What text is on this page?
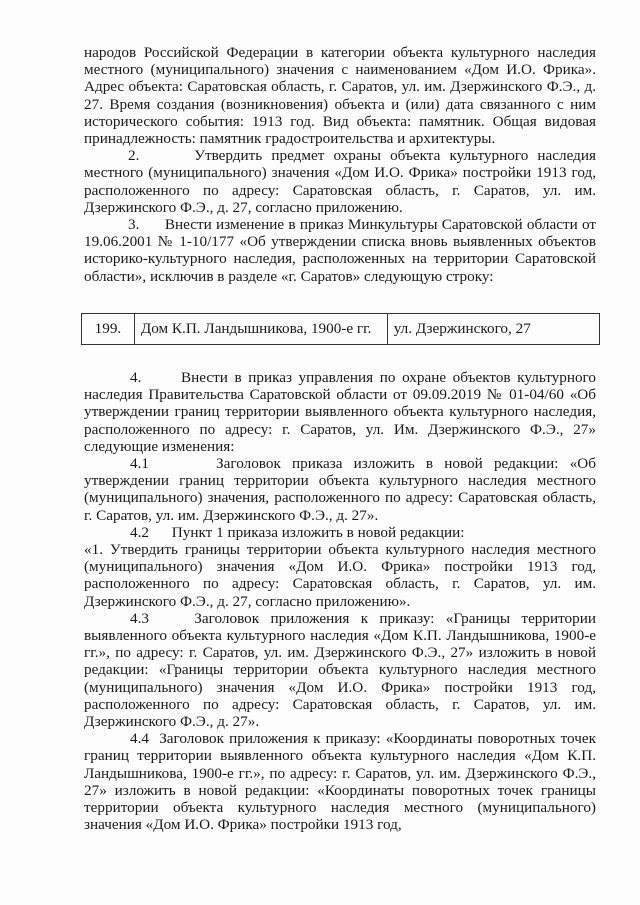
народов Российской Федерации в категории объекта культурного наследия местного (муниципального) значения с наименованием «Дом И.О. Фрика». Адрес объекта: Саратовская область, г. Саратов, ул. им. Дзержинского Ф.Э., д. 27. Время создания (возникновения) объекта и (или) дата связанного с ним исторического события: 1913 год. Вид объекта: памятник. Общая видовая принадлежность: памятник градостроительства и архитектуры.

2.      Утвердить предмет охраны объекта культурного наследия местного (муниципального) значения «Дом И.О. Фрика» постройки 1913 год, расположенного по адресу: Саратовская область, г. Саратов, ул. им. Дзержинского Ф.Э., д. 27, согласно приложению.

3.      Внести изменение в приказ Минкультуры Саратовской области от 19.06.2001 № 1-10/177 «Об утверждении списка вновь выявленных объектов историко-культурного наследия, расположенных на территории Саратовской области», исключив в разделе «г. Саратов» следующую строку:

199.	Дом К.П. Ландышникова, 1900-е гг.	ул. Дзержинского, 27

4.      Внести в приказ управления по охране объектов культурного наследия Правительства Саратовской области от 09.09.2019 № 01-04/60 «Об утверждении границ территории выявленного объекта культурного наследия, расположенного по адресу: г. Саратов, ул. Им. Дзержинского Ф.Э., 27» следующие изменения:

4.1      Заголовок приказа изложить в новой редакции: «Об утверждении границ территории объекта культурного наследия местного (муниципального) значения, расположенного по адресу: Саратовская область, г. Саратов, ул. им. Дзержинского Ф.Э., д. 27».

4.2      Пункт 1 приказа изложить в новой редакции:

«1. Утвердить границы территории объекта культурного наследия местного (муниципального) значения «Дом И.О. Фрика» постройки 1913 год, расположенного по адресу: Саратовская область, г. Саратов, ул. им. Дзержинского Ф.Э., д. 27, согласно приложению».

4.3    Заголовок приложения к приказу: «Границы территории выявленного объекта культурного наследия «Дом К.П. Ландышникова, 1900-е гг.», по адресу: г. Саратов, ул. им. Дзержинского Ф.Э., 27» изложить в новой редакции: «Границы территории объекта культурного наследия местного (муниципального) значения «Дом И.О. Фрика» постройки 1913 год, расположенного по адресу: Саратовская область, г. Саратов, ул. им. Дзержинского Ф.Э., д. 27».

4.4  Заголовок приложения к приказу: «Координаты поворотных точек границ территории выявленного объекта культурного наследия «Дом К.П. Ландышникова, 1900-е гг.», по адресу: г. Саратов, ул. им. Дзержинского Ф.Э., 27» изложить в новой редакции: «Координаты поворотных точек границы территории объекта культурного наследия местного (муниципального) значения «Дом И.О. Фрика» постройки 1913 год,
